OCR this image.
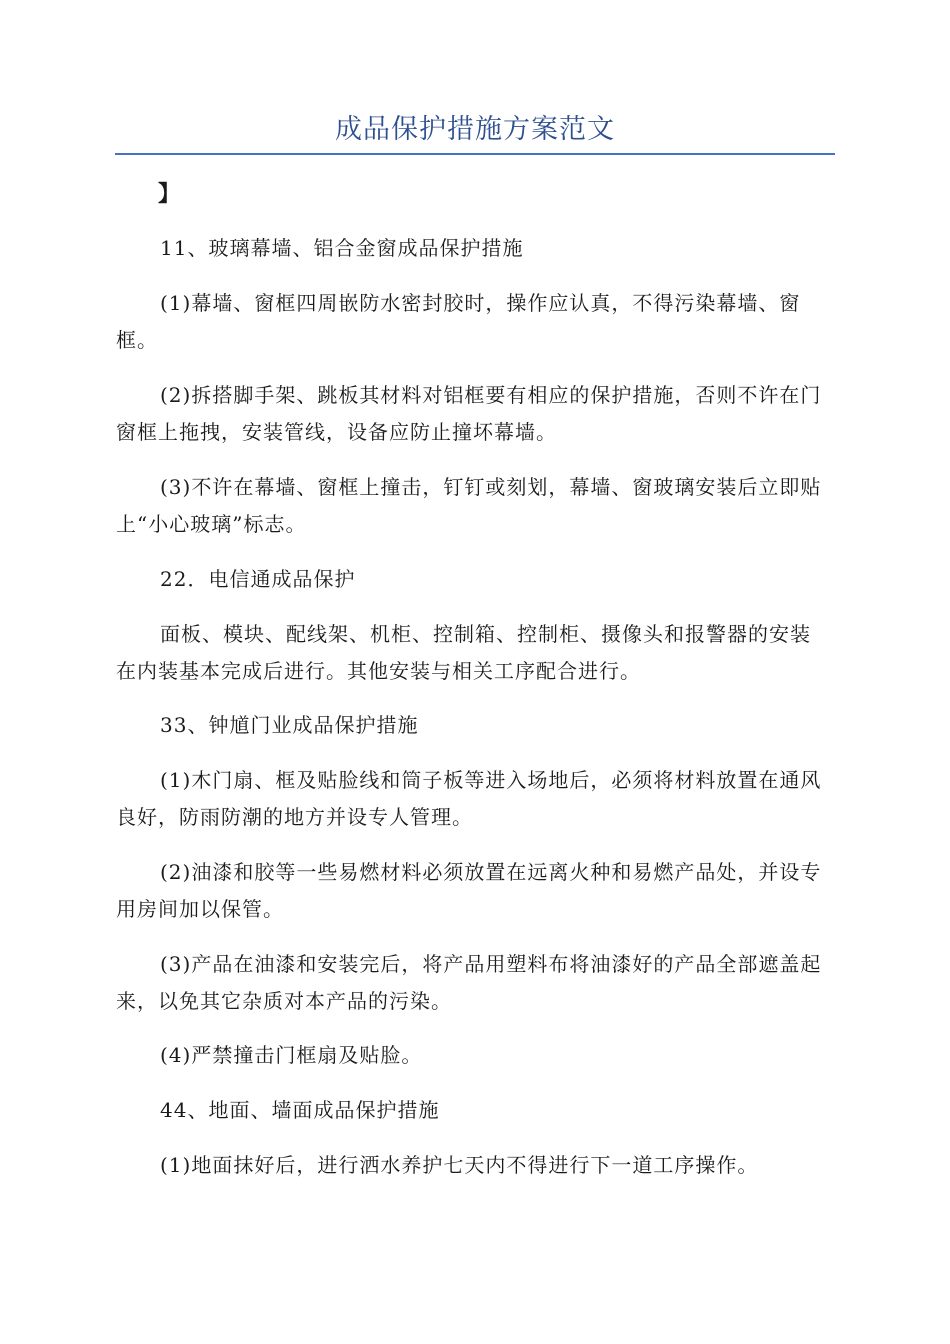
成品保护措施方案范文
】
11、玻璃幕墙、铝合金窗成品保护措施
(1)幕墙、窗框四周嵌防水密封胶时，操作应认真，不得污染幕墙、窗框。
(2)拆搭脚手架、跳板其材料对铝框要有相应的保护措施，否则不许在门窗框上拖拽，安装管线，设备应防止撞坏幕墙。
(3)不许在幕墙、窗框上撞击，钉钉或刻划，幕墙、窗玻璃安装后立即贴上“小心玻璃”标志。
22．电信通成品保护
面板、模块、配线架、机柜、控制箱、控制柜、摄像头和报警器的安装在内装基本完成后进行。其他安装与相关工序配合进行。
33、钟馗门业成品保护措施
(1)木门扇、框及贴脸线和筒子板等进入场地后，必须将材料放置在通风良好，防雨防潮的地方并设专人管理。
(2)油漆和胶等一些易燃材料必须放置在远离火种和易燃产品处，并设专用房间加以保管。
(3)产品在油漆和安装完后，将产品用塑料布将油漆好的产品全部遮盖起来，以免其它杂质对本产品的污染。
(4)严禁撞击门框扇及贴脸。
44、地面、墙面成品保护措施
(1)地面抹好后，进行洒水养护七天内不得进行下一道工序操作。
